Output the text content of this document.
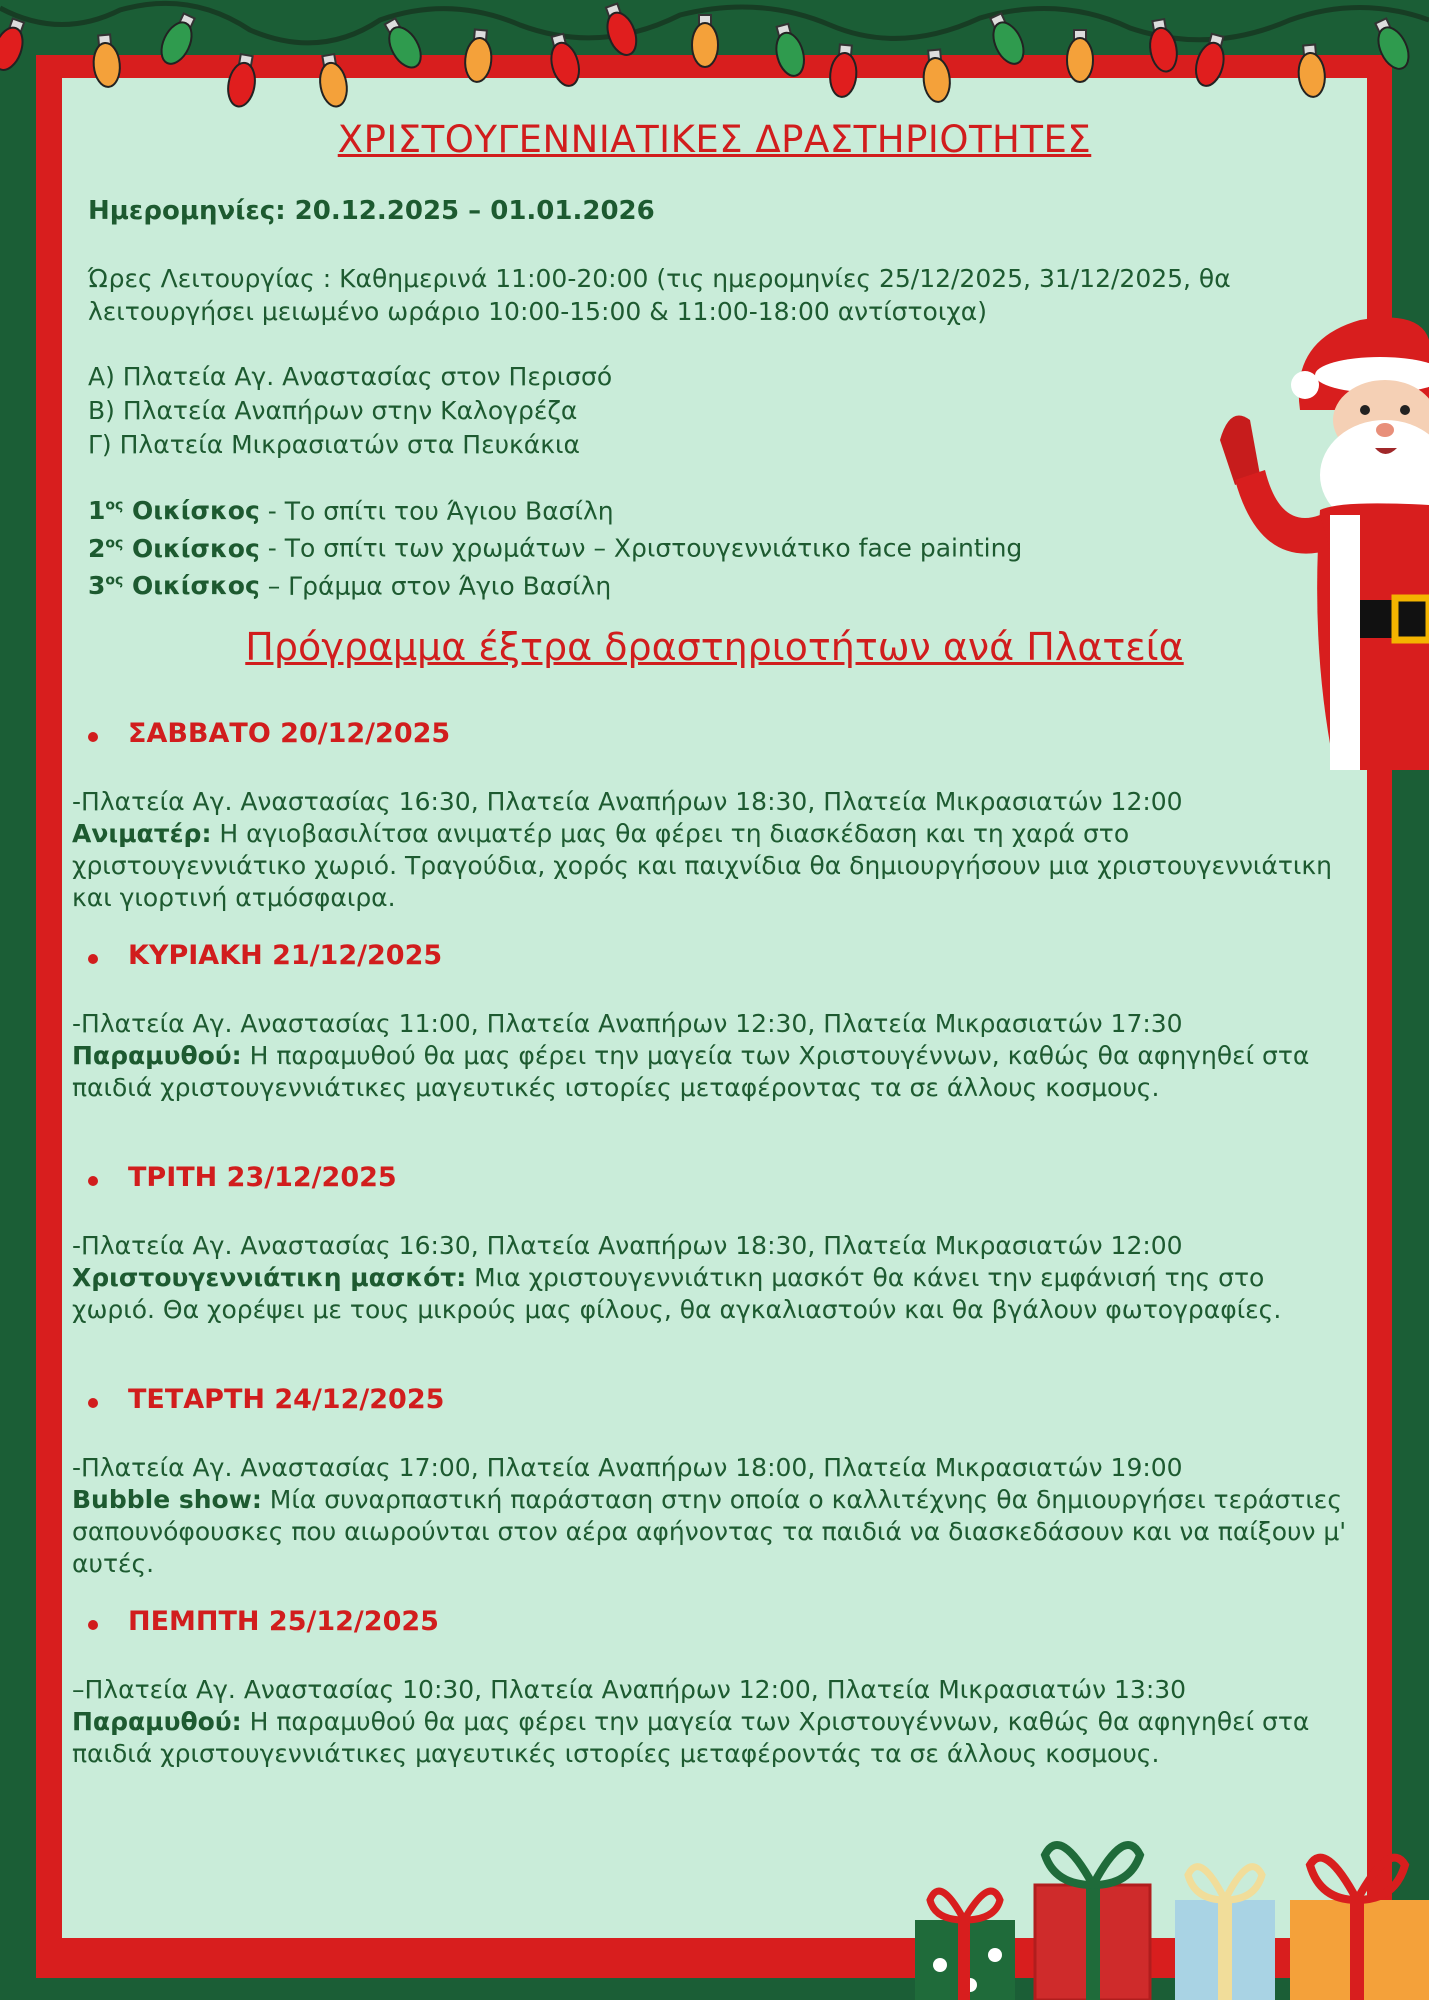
ΧΡΙΣΤΟΥΓΕΝΝΙΑΤΙΚΕΣ ΔΡΑΣΤΗΡΙΟΤΗΤΕΣ
Ημερομηνίες: 20.12.2025 – 01.01.2026
Ώρες Λειτουργίας : Καθημερινά 11:00-20:00 (τις ημερομηνίες 25/12/2025, 31/12/2025, θα λειτουργήσει μειωμένο ωράριο 10:00-15:00 & 11:00-18:00 αντίστοιχα)
Α) Πλατεία Αγ. Αναστασίας στον Περισσό
Β) Πλατεία Αναπήρων στην Καλογρέζα
Γ) Πλατεία Μικρασιατών στα Πευκάκια
$1^{o\varsigma}$ Οικίσκος - Το σπίτι του Άγιου Βασίλη
$2^{o\varsigma}$ Οικίσκος - Το σπίτι των χρωμάτων – Χριστουγεννιάτικο face painting
$3^{o\varsigma}$ Οικίσκος – Γράμμα στον Άγιο Βασίλη
Πρόγραμμα έξτρα δραστηριοτήτων ανά Πλατεία
ΣΑΒΒΑΤΟ 20/12/2025
-Πλατεία Αγ. Αναστασίας 16:30, Πλατεία Αναπήρων 18:30, Πλατεία Μικρασιατών 12:00
Ανιματέρ: Η αγιοβασιλίτσα ανιματέρ μας θα φέρει τη διασκέδαση και τη χαρά στο χριστουγεννιάτικο χωριό. Τραγούδια, χορός και παιχνίδια θα δημιουργήσουν μια χριστουγεννιάτικη και γιορτινή ατμόσφαιρα.
ΚΥΡΙΑΚΗ 21/12/2025
-Πλατεία Αγ. Αναστασίας 11:00, Πλατεία Αναπήρων 12:30, Πλατεία Μικρασιατών 17:30
Παραμυθού: Η παραμυθού θα μας φέρει την μαγεία των Χριστουγέννων, καθώς θα αφηγηθεί στα παιδιά χριστουγεννιάτικες μαγευτικές ιστορίες μεταφέροντας τα σε άλλους κοσμους.
ΤΡΙΤΗ 23/12/2025
-Πλατεία Αγ. Αναστασίας 16:30, Πλατεία Αναπήρων 18:30, Πλατεία Μικρασιατών 12:00
Χριστουγεννιάτικη μασκότ: Μια χριστουγεννιάτικη μασκότ θα κάνει την εμφάνισή της στο χωριό. Θα χορέψει με τους μικρούς μας φίλους, θα αγκαλιαστούν και θα βγάλουν φωτογραφίες.
ΤΕΤΑΡΤΗ 24/12/2025
-Πλατεία Αγ. Αναστασίας 17:00, Πλατεία Αναπήρων 18:00, Πλατεία Μικρασιατών 19:00
Bubble show: Μία συναρπαστική παράσταση στην οποία ο καλλιτέχνης θα δημιουργήσει τεράστιες σαπουνόφουσκες που αιωρούνται στον αέρα αφήνοντας τα παιδιά να διασκεδάσουν και να παίξουν μ' αυτές.
ΠΕΜΠΤΗ 25/12/2025
–Πλατεία Αγ. Αναστασίας 10:30, Πλατεία Αναπήρων 12:00, Πλατεία Μικρασιατών 13:30
Παραμυθού: Η παραμυθού θα μας φέρει την μαγεία των Χριστουγέννων, καθώς θα αφηγηθεί στα παιδιά χριστουγεννιάτικες μαγευτικές ιστορίες μεταφέροντάς τα σε άλλους κοσμους.
